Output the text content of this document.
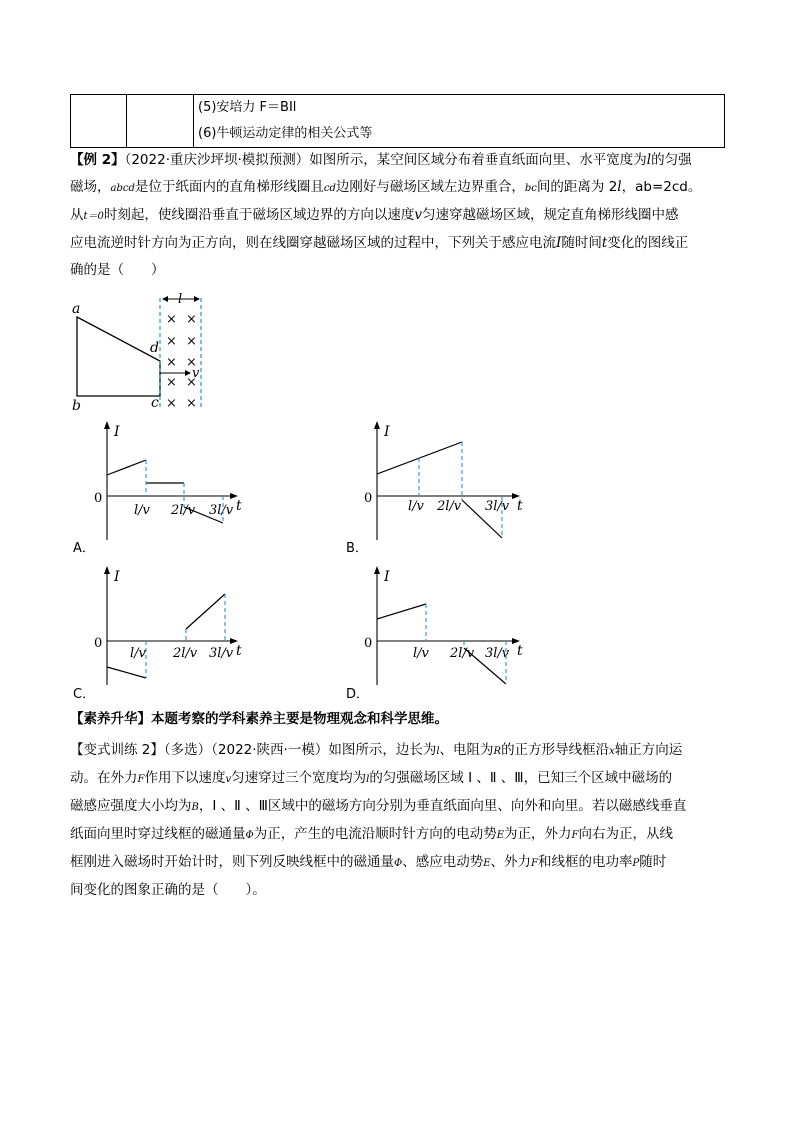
(5)安培力 F＝BIl
(6)牛顿运动定律的相关公式等
【例 2】（2022·重庆沙坪坝·模拟预测）如图所示，某空间区域分布着垂直纸面向里、水平宽度为l的匀强
磁场，abcd是位于纸面内的直角梯形线圈且cd边刚好与磁场区域左边界重合，bc间的距离为 2l，ab=2cd。
从t＝0时刻起，使线圈沿垂直于磁场区域边界的方向以速度v匀速穿越磁场区域，规定直角梯形线圈中感
应电流逆时针方向为正方向，则在线圈穿越磁场区域的过程中，下列关于感应电流I随时间t变化的图线正
确的是（　　）
l
a
b	c
d
v
× ×
× ×
× ×
× ×
× ×
I
t
0
l/v 2l/v 3l/v
A．
I
t
0
l/v 2l/v 3l/v
B．
I
t
0
l/v 2l/v 3l/v
C．
I
t
0
l/v 2l/v 3l/v
D．
【素养升华】本题考察的学科素养主要是物理观念和科学思维。
【变式训练 2】（多选）（2022·陕西·一模）如图所示，边长为l、电阻为R的正方形导线框沿x轴正方向运
动。在外力F作用下以速度v匀速穿过三个宽度均为l的匀强磁场区域 Ⅰ 、Ⅱ 、Ⅲ，已知三个区域中磁场的
磁感应强度大小均为B，Ⅰ 、Ⅱ 、Ⅲ区域中的磁场方向分别为垂直纸面向里、向外和向里。若以磁感线垂直
纸面向里时穿过线框的磁通量Φ为正，产生的电流沿顺时针方向的电动势E为正，外力F向右为正，从线
框刚进入磁场时开始计时，则下列反映线框中的磁通量Φ、感应电动势E、外力F和线框的电功率P随时
间变化的图象正确的是（　　）。
